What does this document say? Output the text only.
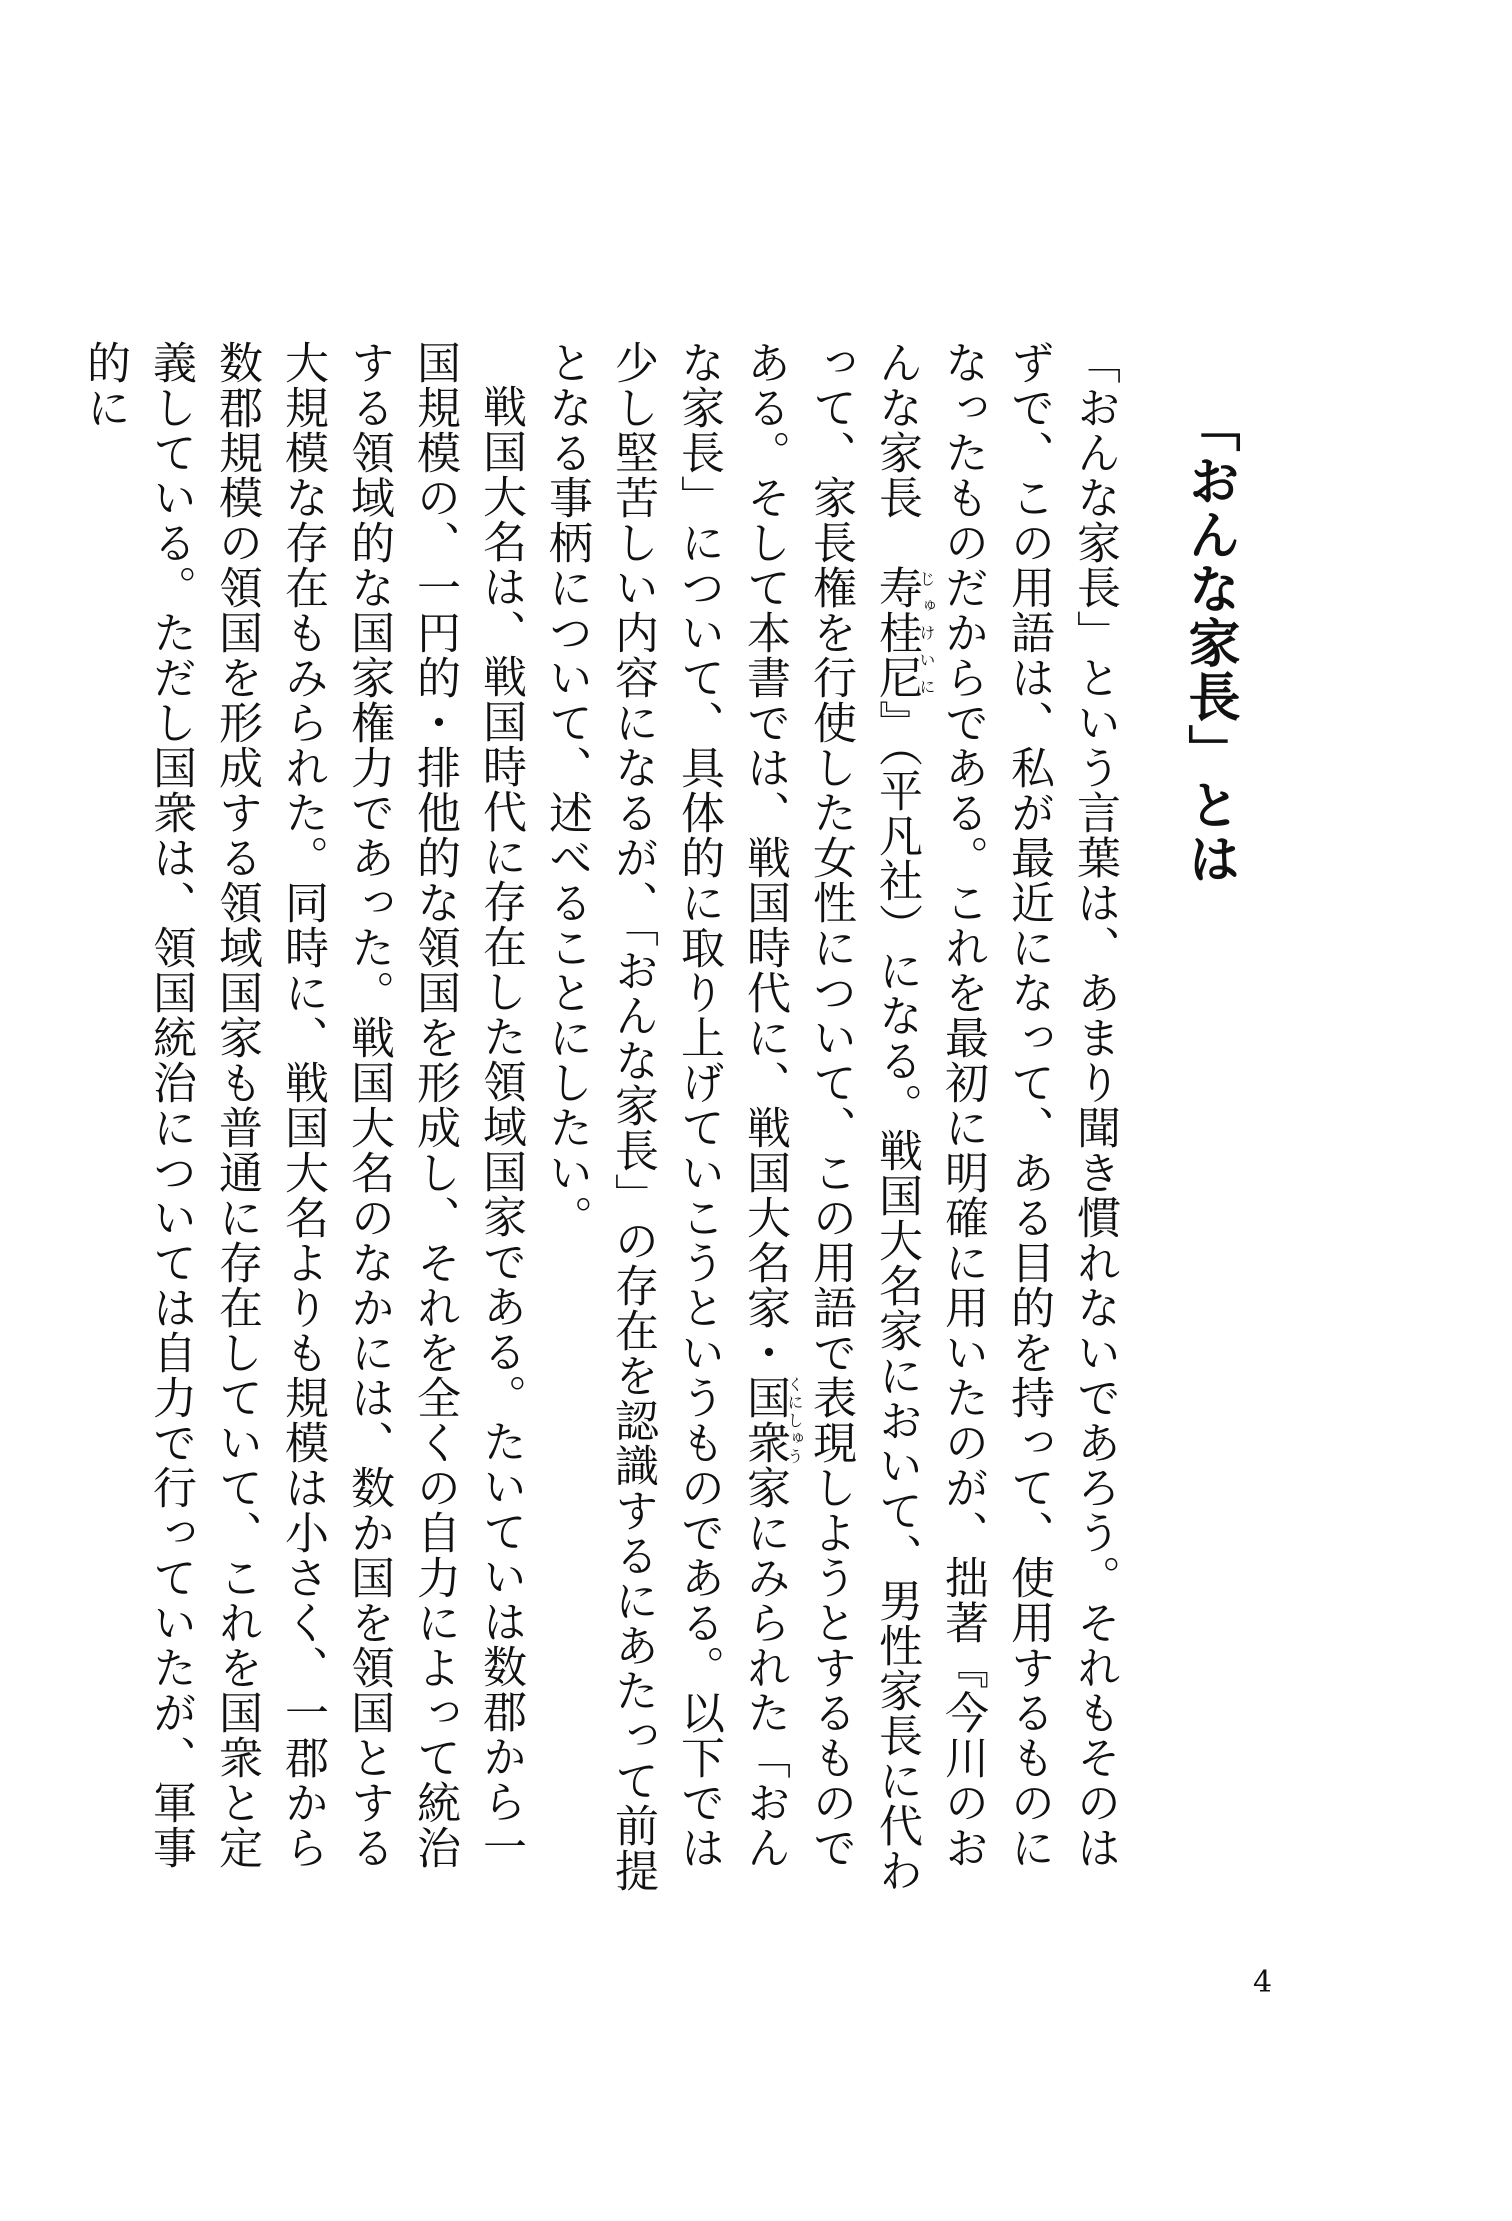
「おんな家長」とは

「おんな家長」という言葉は、あまり聞き慣れないであろう。それもそのはずで、この用語は、私が最近になって、ある目的を持って、使用するものになったものだからである。これを最初に明確に用いたのが、拙著『今川のおんな家長　寿桂尼じゅけいに』（平凡社）になる。戦国大名家において、男性家長に代わって、家長権を行使した女性について、この用語で表現しようとするものである。そして本書では、戦国時代に、戦国大名家・国衆くにしゅう家にみられた「おんな家長」について、具体的に取り上げていこうというものである。以下では少し堅苦しい内容になるが、「おんな家長」の存在を認識するにあたって前提となる事柄について、述べることにしたい。

戦国大名は、戦国時代に存在した領域国家である。たいていは数郡から一国規模の、一円的・排他的な領国を形成し、それを全くの自力によって統治する領域的な国家権力であった。戦国大名のなかには、数か国を領国とする大規模な存在もみられた。同時に、戦国大名よりも規模は小さく、一郡から数郡規模の領国を形成する領域国家も普通に存在していて、これを国衆と定義している。ただし国衆は、領国統治については自力で行っていたが、軍事的に

4
